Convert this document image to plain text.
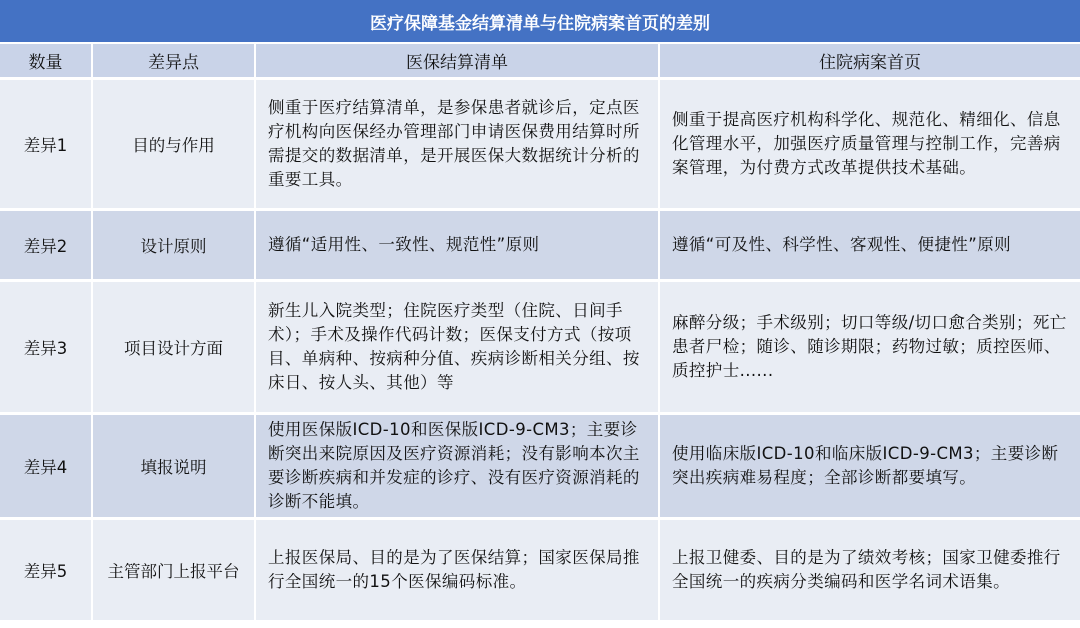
医疗保障基金结算清单与住院病案首页的差别
数量	差异点	医保结算清单	住院病案首页
差异1	目的与作用	侧重于医疗结算清单，是参保患者就诊后，定点医疗机构向医保经办管理部门申请医保费用结算时所需提交的数据清单，是开展医保大数据统计分析的重要工具。	侧重于提高医疗机构科学化、规范化、精细化、信息化管理水平，加强医疗质量管理与控制工作，完善病案管理，为付费方式改革提供技术基础。
差异2	设计原则	遵循“适用性、一致性、规范性”原则	遵循“可及性、科学性、客观性、便捷性”原则
差异3	项目设计方面	新生儿入院类型；住院医疗类型（住院、日间手术）；手术及操作代码计数；医保支付方式（按项目、单病种、按病种分值、疾病诊断相关分组、按床日、按人头、其他）等	麻醉分级；手术级别；切口等级/切口愈合类别；死亡患者尸检；随诊、随诊期限；药物过敏；质控医师、质控护士......
差异4	填报说明	使用医保版ICD-10和医保版ICD-9-CM3；主要诊断突出来院原因及医疗资源消耗；没有影响本次主要诊断疾病和并发症的诊疗、没有医疗资源消耗的诊断不能填。	使用临床版ICD-10和临床版ICD-9-CM3；主要诊断突出疾病难易程度；全部诊断都要填写。
差异5	主管部门上报平台	上报医保局、目的是为了医保结算；国家医保局推行全国统一的15个医保编码标准。	上报卫健委、目的是为了绩效考核；国家卫健委推行全国统一的疾病分类编码和医学名词术语集。
